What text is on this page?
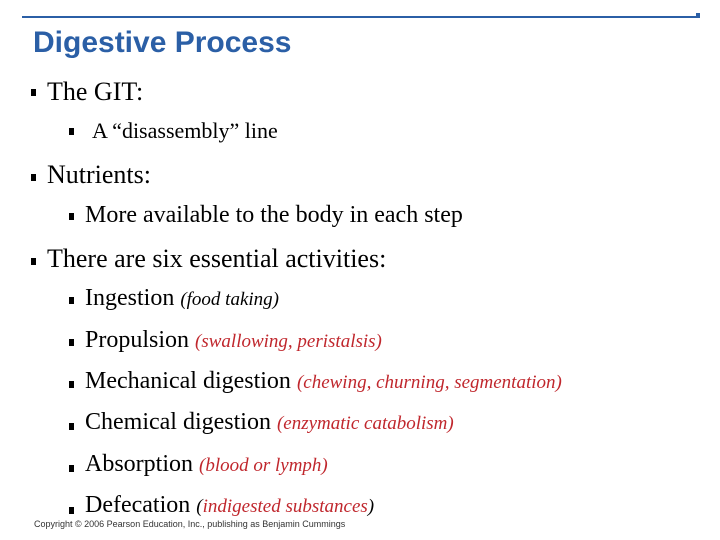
Digestive Process
The GIT:
A “disassembly” line
Nutrients:
More available to the body in each step
There are six essential activities:
Ingestion (food taking)
Propulsion (swallowing, peristalsis)
Mechanical digestion (chewing, churning, segmentation)
Chemical digestion (enzymatic catabolism)
Absorption (blood or lymph)
Defecation (indigested substances)
Copyright © 2006 Pearson Education, Inc., publishing as Benjamin Cummings
